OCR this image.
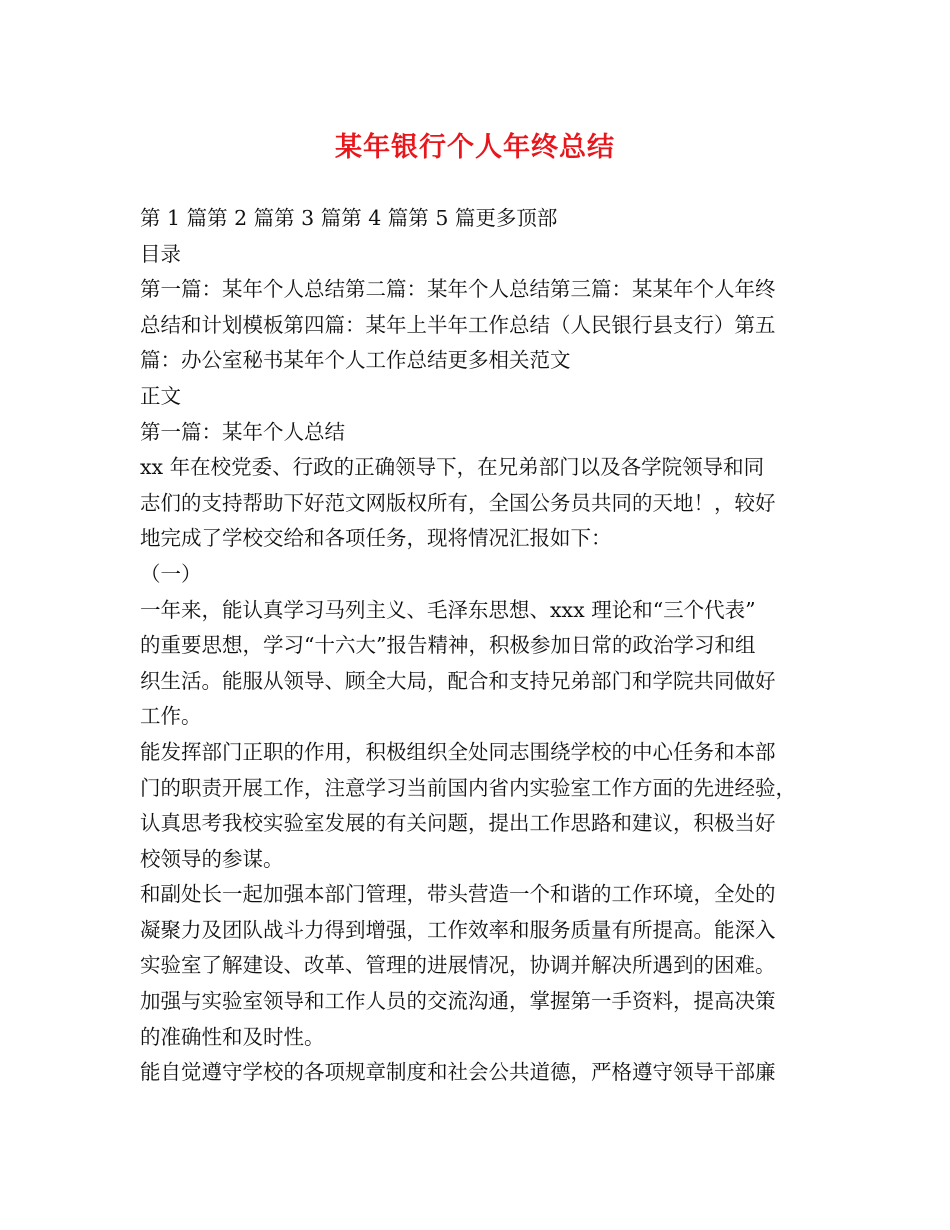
某年银行个人年终总结
第 1 篇第 2 篇第 3 篇第 4 篇第 5 篇更多顶部
目录
第一篇：某年个人总结第二篇：某年个人总结第三篇：某某年个人年终
总结和计划模板第四篇：某年上半年工作总结（人民银行县支行）第五
篇：办公室秘书某年个人工作总结更多相关范文
正文
第一篇：某年个人总结
xx 年在校党委、行政的正确领导下，在兄弟部门以及各学院领导和同
志们的支持帮助下好范文网版权所有，全国公务员共同的天地！，较好
地完成了学校交给和各项任务，现将情况汇报如下：
（一）
一年来，能认真学习马列主义、毛泽东思想、xxx 理论和“三个代表”
的重要思想，学习“十六大”报告精神，积极参加日常的政治学习和组
织生活。能服从领导、顾全大局，配合和支持兄弟部门和学院共同做好
工作。
能发挥部门正职的作用，积极组织全处同志围绕学校的中心任务和本部
门的职责开展工作，注意学习当前国内省内实验室工作方面的先进经验，
认真思考我校实验室发展的有关问题，提出工作思路和建议，积极当好
校领导的参谋。
和副处长一起加强本部门管理，带头营造一个和谐的工作环境，全处的
凝聚力及团队战斗力得到增强，工作效率和服务质量有所提高。能深入
实验室了解建设、改革、管理的进展情况，协调并解决所遇到的困难。
加强与实验室领导和工作人员的交流沟通，掌握第一手资料，提高决策
的准确性和及时性。
能自觉遵守学校的各项规章制度和社会公共道德，严格遵守领导干部廉
